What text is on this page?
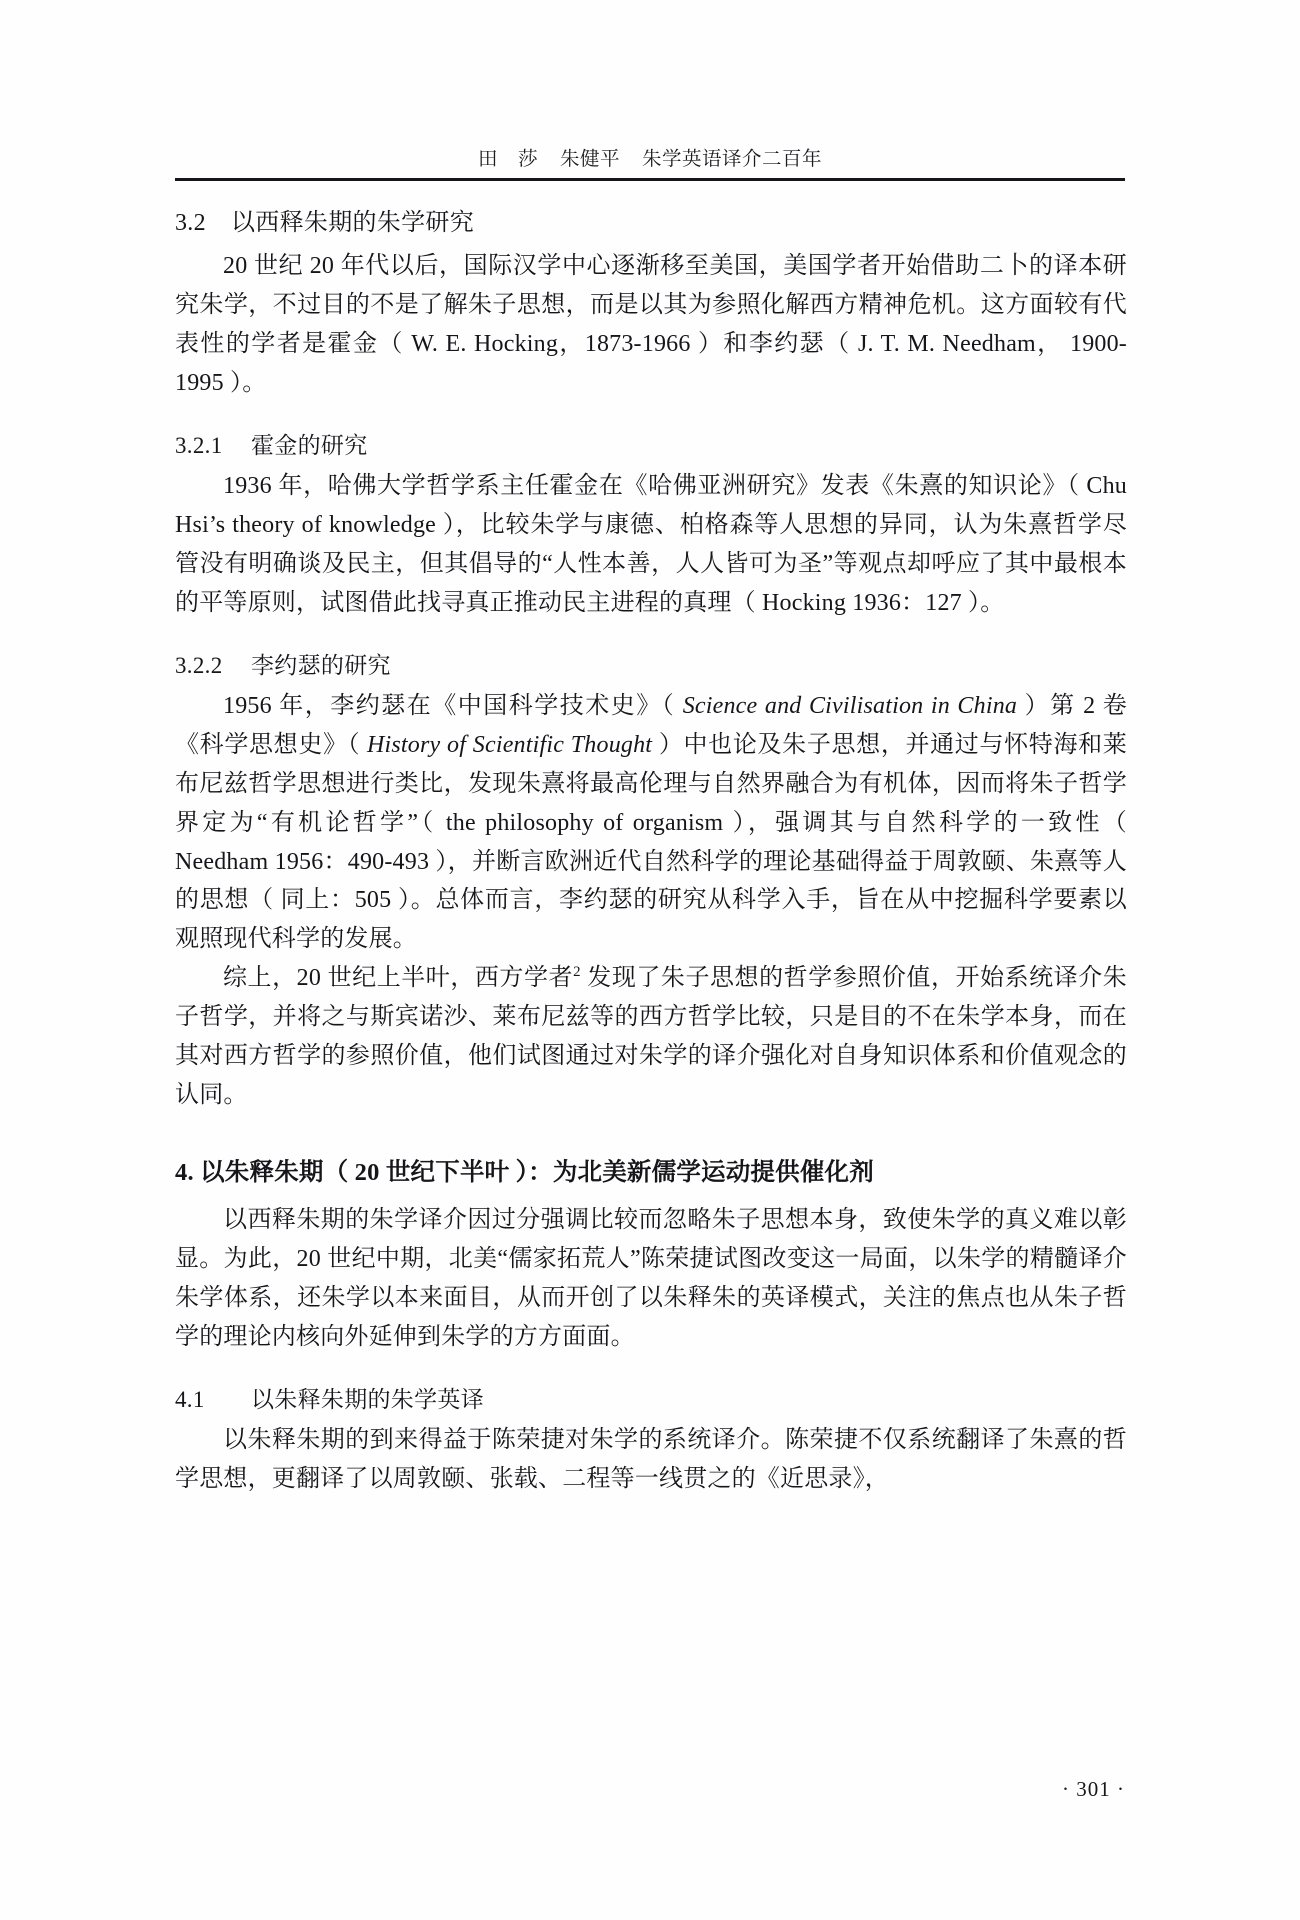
田　莎 朱健平 朱学英语译介二百年
3.2 以西释朱期的朱学研究

20 世纪 20 年代以后，国际汉学中心逐渐移至美国，美国学者开始借助二卜的译本研究朱学，不过目的不是了解朱子思想，而是以其为参照化解西方精神危机。这方面较有代表性的学者是霍金（ W. E. Hocking，1873-1966 ）和李约瑟（ J. T. M. Needham， 1900-1995 ）。

3.2.1 霍金的研究

1936 年，哈佛大学哲学系主任霍金在《哈佛亚洲研究》发表《朱熹的知识论》（ Chu Hsi’s theory of knowledge ），比较朱学与康德、柏格森等人思想的异同，认为朱熹哲学尽管没有明确谈及民主，但其倡导的“人性本善，人人皆可为圣”等观点却呼应了其中最根本的平等原则，试图借此找寻真正推动民主进程的真理（ Hocking 1936：127 ）。

3.2.2 李约瑟的研究

1956 年，李约瑟在《中国科学技术史》（ Science and Civilisation in China ）第 2 卷《科学思想史》（ History of Scientific Thought ）中也论及朱子思想，并通过与怀特海和莱布尼兹哲学思想进行类比，发现朱熹将最高伦理与自然界融合为有机体，因而将朱子哲学界定为“有机论哲学”（ the philosophy of organism ），强调其与自然科学的一致性（ Needham 1956：490-493 ），并断言欧洲近代自然科学的理论基础得益于周敦颐、朱熹等人的思想（ 同上：505 ）。总体而言，李约瑟的研究从科学入手，旨在从中挖掘科学要素以观照现代科学的发展。

综上，20 世纪上半叶，西方学者$^2$ 发现了朱子思想的哲学参照价值，开始系统译介朱子哲学，并将之与斯宾诺沙、莱布尼兹等的西方哲学比较，只是目的不在朱学本身，而在其对西方哲学的参照价值，他们试图通过对朱学的译介强化对自身知识体系和价值观念的认同。

4. 以朱释朱期（ 20 世纪下半叶 ）：为北美新儒学运动提供催化剂

以西释朱期的朱学译介因过分强调比较而忽略朱子思想本身，致使朱学的真义难以彰显。为此，20 世纪中期，北美“儒家拓荒人”陈荣捷试图改变这一局面，以朱学的精髓译介朱学体系，还朱学以本来面目，从而开创了以朱释朱的英译模式，关注的焦点也从朱子哲学的理论内核向外延伸到朱学的方方面面。

4.1 以朱释朱期的朱学英译

以朱释朱期的到来得益于陈荣捷对朱学的系统译介。陈荣捷不仅系统翻译了朱熹的哲学思想，更翻译了以周敦颐、张载、二程等一线贯之的《近思录》，

· 301 ·
